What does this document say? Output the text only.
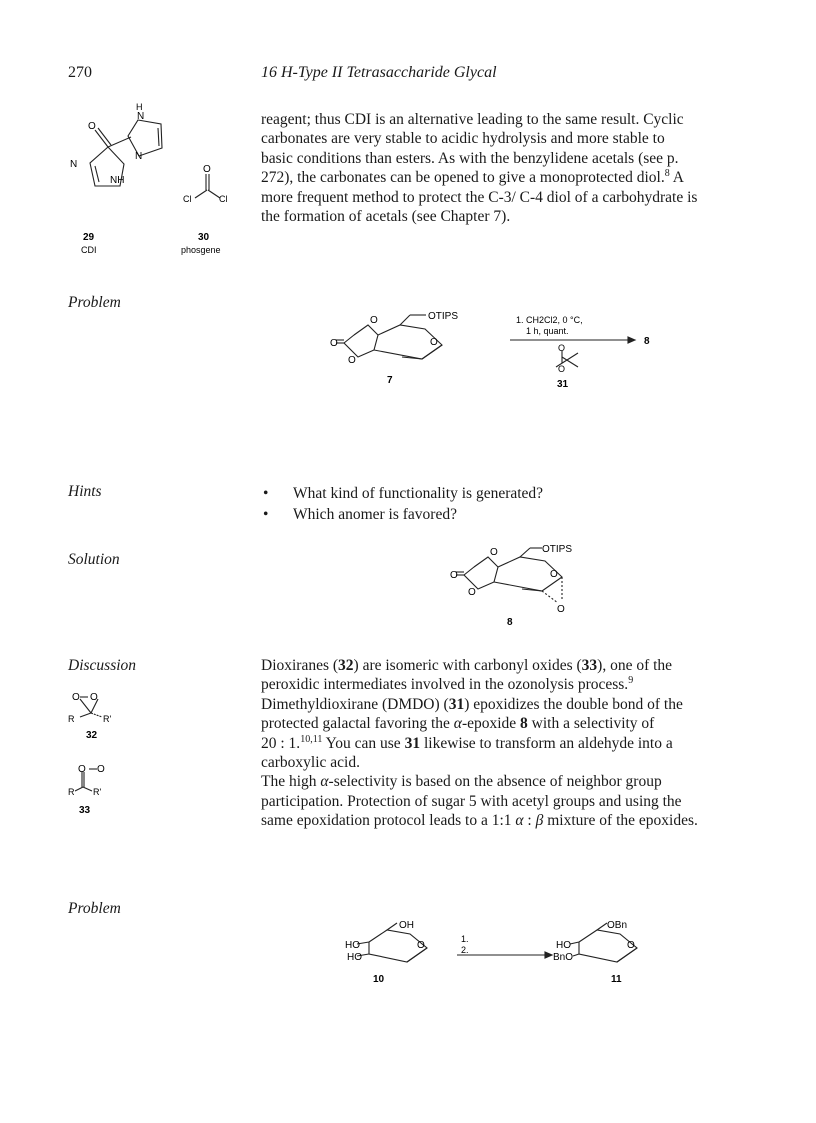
270	16 H-Type II Tetrasaccharide Glycal
O
N
H
N
N
NH
O
Cl	Cl
29
CDI
30
phosgene
reagent; thus CDI is an alternative leading to the same result. Cyclic
carbonates are very stable to acidic hydrolysis and more stable to
basic conditions than esters. As with the benzylidene acetals (see p.
272), the carbonates can be opened to give a monoprotected diol.$^8$ A
more frequent method to protect the C-3/ C-4 diol of a carbohydrate is
the formation of acetals (see Chapter 7).
Problem
O
O
O
O
OTIPS
7
1. CH2Cl2, 0 °C,
1 h, quant.
8
O
O
31
Hints
•	What kind of functionality is generated?
• Which anomer is favored?
Solution
O
O
O
O
O
OTIPS
8
Discussion
O O
R	R'
32
O O
R R'
33
Dioxiranes (32) are isomeric with carbonyl oxides (33), one of the
peroxidic intermediates involved in the ozonolysis process.$^9$
Dimethyldioxirane (DMDO) (31) epoxidizes the double bond of the
protected galactal favoring the α-epoxide 8 with a selectivity of
20 : 1.$^{10,11}$ You can use 31 likewise to transform an aldehyde into a
carboxylic acid.
The high α-selectivity is based on the absence of neighbor group
participation. Protection of sugar 5 with acetyl groups and using the
same epoxidation protocol leads to a 1:1 α : β mixture of the epoxides.
Problem
OH
HO
HO
O
10
1.
2.
OBn
HO
BnO
O
11
